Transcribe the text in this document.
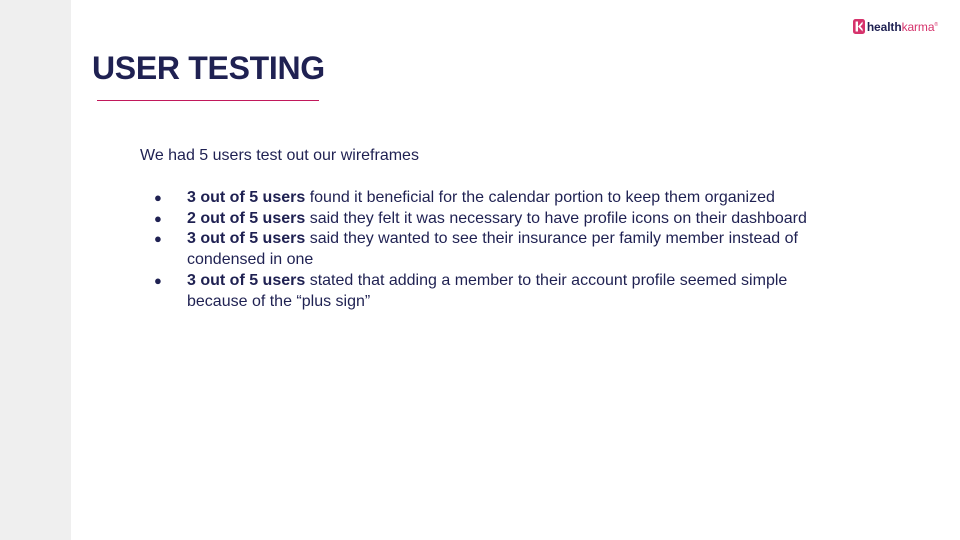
healthkarma®
USER TESTING

We had 5 users test out our wireframes

● 3 out of 5 users found it beneficial for the calendar portion to keep them organized
● 2 out of 5 users said they felt it was necessary to have profile icons on their dashboard
● 3 out of 5 users said they wanted to see their insurance per family member instead of condensed in one
● 3 out of 5 users stated that adding a member to their account profile seemed simple because of the “plus sign”
